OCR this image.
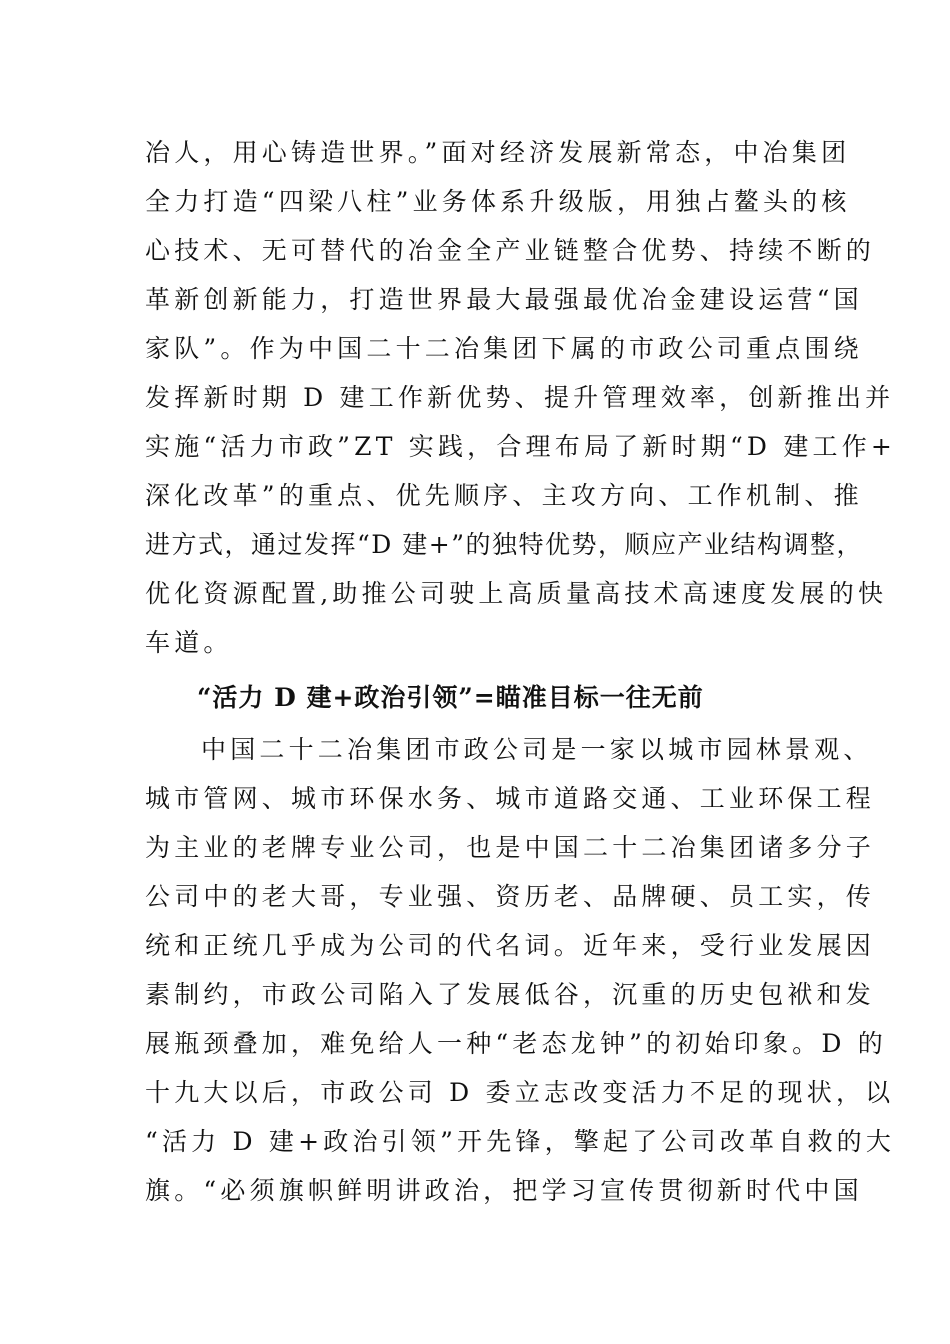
冶人，用心铸造世界。”面对经济发展新常态，中冶集团
全力打造“四梁八柱”业务体系升级版，用独占鳌头的核
心技术、无可替代的冶金全产业链整合优势、持续不断的
革新创新能力，打造世界最大最强最优冶金建设运营“国
家队”。作为中国二十二冶集团下属的市政公司重点围绕
发挥新时期 D 建工作新优势、提升管理效率，创新推出并
实施“活力市政”ZT 实践，合理布局了新时期“D 建工作+
深化改革”的重点、优先顺序、主攻方向、工作机制、推
进方式，通过发挥“D 建+”的独特优势，顺应产业结构调整，
优化资源配置,助推公司驶上高质量高技术高速度发展的快
车道。
“活力 D 建+政治引领”=瞄准目标一往无前
中国二十二冶集团市政公司是一家以城市园林景观、
城市管网、城市环保水务、城市道路交通、工业环保工程
为主业的老牌专业公司，也是中国二十二冶集团诸多分子
公司中的老大哥，专业强、资历老、品牌硬、员工实，传
统和正统几乎成为公司的代名词。近年来，受行业发展因
素制约，市政公司陷入了发展低谷，沉重的历史包袱和发
展瓶颈叠加，难免给人一种“老态龙钟”的初始印象。D 的
十九大以后，市政公司 D 委立志改变活力不足的现状，以
“活力 D 建+政治引领”开先锋，擎起了公司改革自救的大
旗。“必须旗帜鲜明讲政治，把学习宣传贯彻新时代中国
